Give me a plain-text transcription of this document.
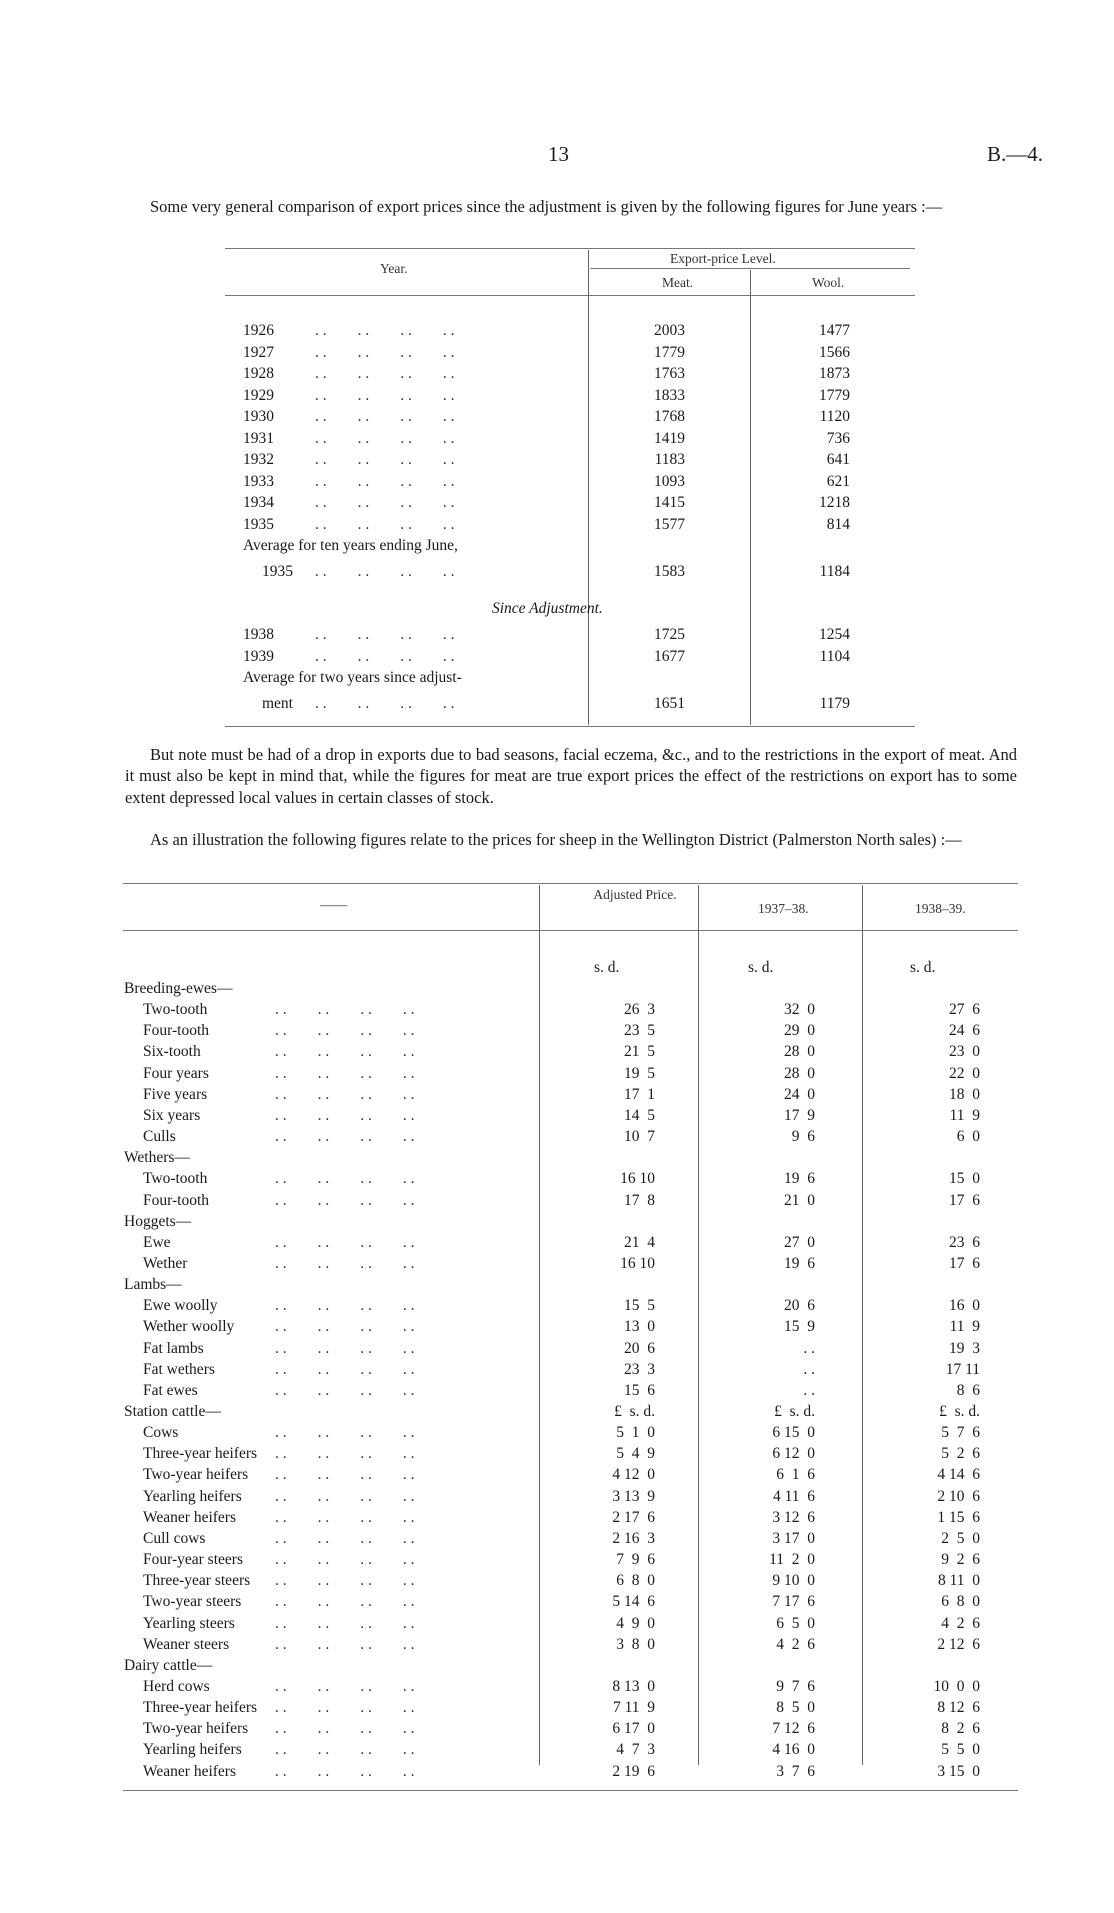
13	B.—4.
Some very general comparison of export prices since the adjustment is given by the following figures for June years :—
Year.
Export-price Level.
Meat.	Wool.
1926	. .        . .        . .        . .	2003	1477
1927	. .        . .        . .        . .	1779	1566
1928	. .        . .        . .        . .	1763	1873
1929	. .        . .        . .        . .	1833	1779
1930	. .        . .        . .        . .	1768	1120
1931	. .        . .        . .        . .	1419	736
1932	. .        . .        . .        . .	1183	641
1933	. .        . .        . .        . .	1093	621
1934	. .        . .        . .        . .	1415	1218
1935	. .        . .        . .        . .	1577	814
Average for ten years ending June,
1935 . .        . .        . .        . .	1583	1184
Since Adjustment.
1938	. .        . .        . .        . .	1725	1254
1939	. .        . .        . .        . .	1677	1104
Average for two years since adjust-
ment . .        . .        . .        . .	1651	1179
But note must be had of a drop in exports due to bad seasons, facial eczema, &c., and to the restrictions in the export of meat. And it must also be kept in mind that, while the figures for meat are true export prices the effect of the restrictions on export has to some extent depressed local values in certain classes of stock.
As an illustration the following figures relate to the prices for sheep in the Wellington District (Palmerston North sales) :—
——
Adjusted Price.
1937–38.	1938–39.
s. d.	s. d.	s. d.
Breeding-ewes—
Two-tooth	. .        . .        . .        . .	26  3	32  0	27  6
Four-tooth	. .        . .        . .        . .	23  5	29  0	24  6
Six-tooth	. .        . .        . .        . .	21  5	28  0	23  0
Four years	. .        . .        . .        . .	19  5	28  0	22  0
Five years	. .        . .        . .        . .	17  1	24  0	18  0
Six years	. .        . .        . .        . .	14  5	17  9	11  9
Culls	. .        . .        . .        . .	10  7	9  6	6  0
Wethers—
Two-tooth	. .        . .        . .        . .	16 10	19  6	15  0
Four-tooth	. .        . .        . .        . .	17  8	21  0	17  6
Hoggets—
Ewe	. .        . .        . .        . .	21  4	27  0	23  6
Wether	. .        . .        . .        . .	16 10	19  6	17  6
Lambs—
Ewe woolly	. .        . .        . .        . .	15  5	20  6	16  0
Wether woolly	. .        . .        . .        . .	13  0	15  9	11  9
Fat lambs	. .        . .        . .        . .	20  6	. .	19  3
Fat wethers	. .        . .        . .        . .	23  3	. .	17 11
Fat ewes	. .        . .        . .        . .	15  6	. .	8  6
Station cattle—	£  s. d.	£  s. d.	£  s. d.
Cows	. .        . .        . .        . .	5  1  0	6 15  0	5  7  6
Three-year heifers . .        . .        . .        . .	5  4  9	6 12  0	5  2  6
Two-year heifers . .        . .        . .        . .	4 12  0	6  1  6	4 14  6
Yearling heifers . .        . .        . .        . .	3 13  9	4 11  6	2 10  6
Weaner heifers	. .        . .        . .        . .	2 17  6	3 12  6	1 15  6
Cull cows	. .        . .        . .        . .	2 16  3	3 17  0	2  5  0
Four-year steers . .        . .        . .        . .	7  9  6	11  2  0	9  2  6
Three-year steers . .        . .        . .        . .	6  8  0	9 10  0	8 11  0
Two-year steers . .        . .        . .        . .	5 14  6	7 17  6	6  8  0
Yearling steers	. .        . .        . .        . .	4  9  0	6  5  0	4  2  6
Weaner steers	. .        . .        . .        . .	3  8  0	4  2  6	2 12  6
Dairy cattle—
Herd cows	. .        . .        . .        . .	8 13  0	9  7  6	10  0  0
Three-year heifers . .        . .        . .        . .	7 11  9	8  5  0	8 12  6
Two-year heifers . .        . .        . .        . .	6 17  0	7 12  6	8  2  6
Yearling heifers . .        . .        . .        . .	4  7  3	4 16  0	5  5  0
Weaner heifers	. .        . .        . .        . .	2 19  6	3  7  6	3 15  0
